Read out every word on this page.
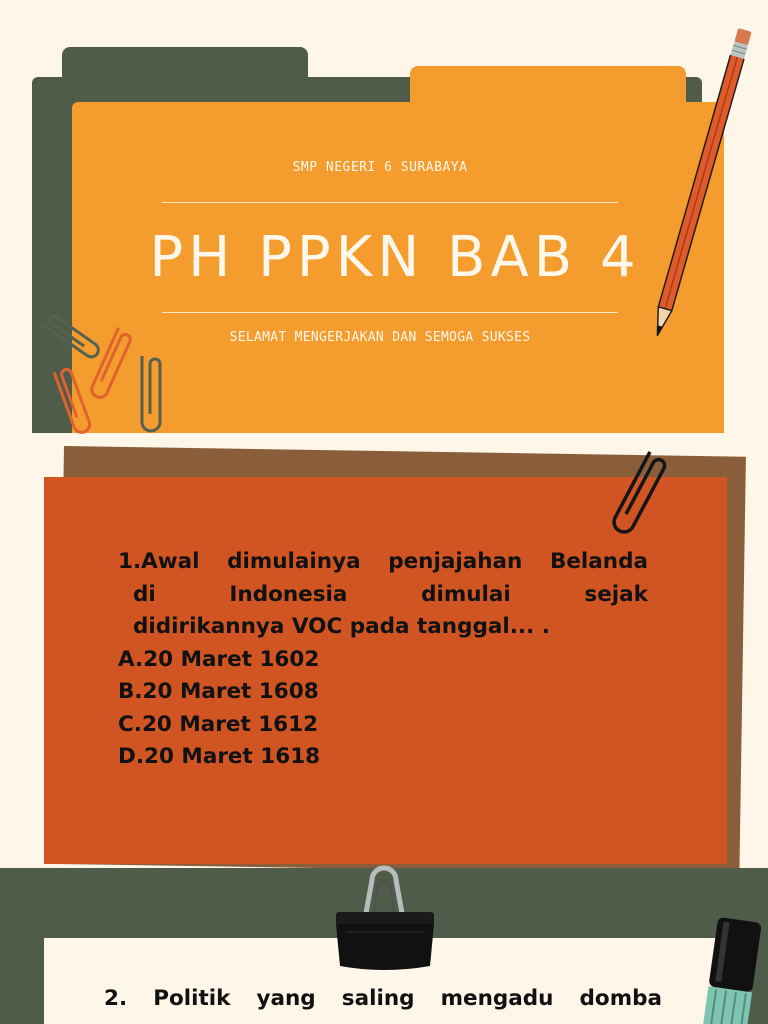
SMP NEGERI 6 SURABAYA
PH PPKN BAB 4
SELAMAT MENGERJAKAN DAN SEMOGA SUKSES
1.Awal dimulainya penjajahan Belanda
di Indonesia dimulai sejak
didirikannya VOC pada tanggal... .
A.20 Maret 1602
B.20 Maret 1608
C.20 Maret 1612
D.20 Maret 1618
2. Politik yang saling mengadu domba
